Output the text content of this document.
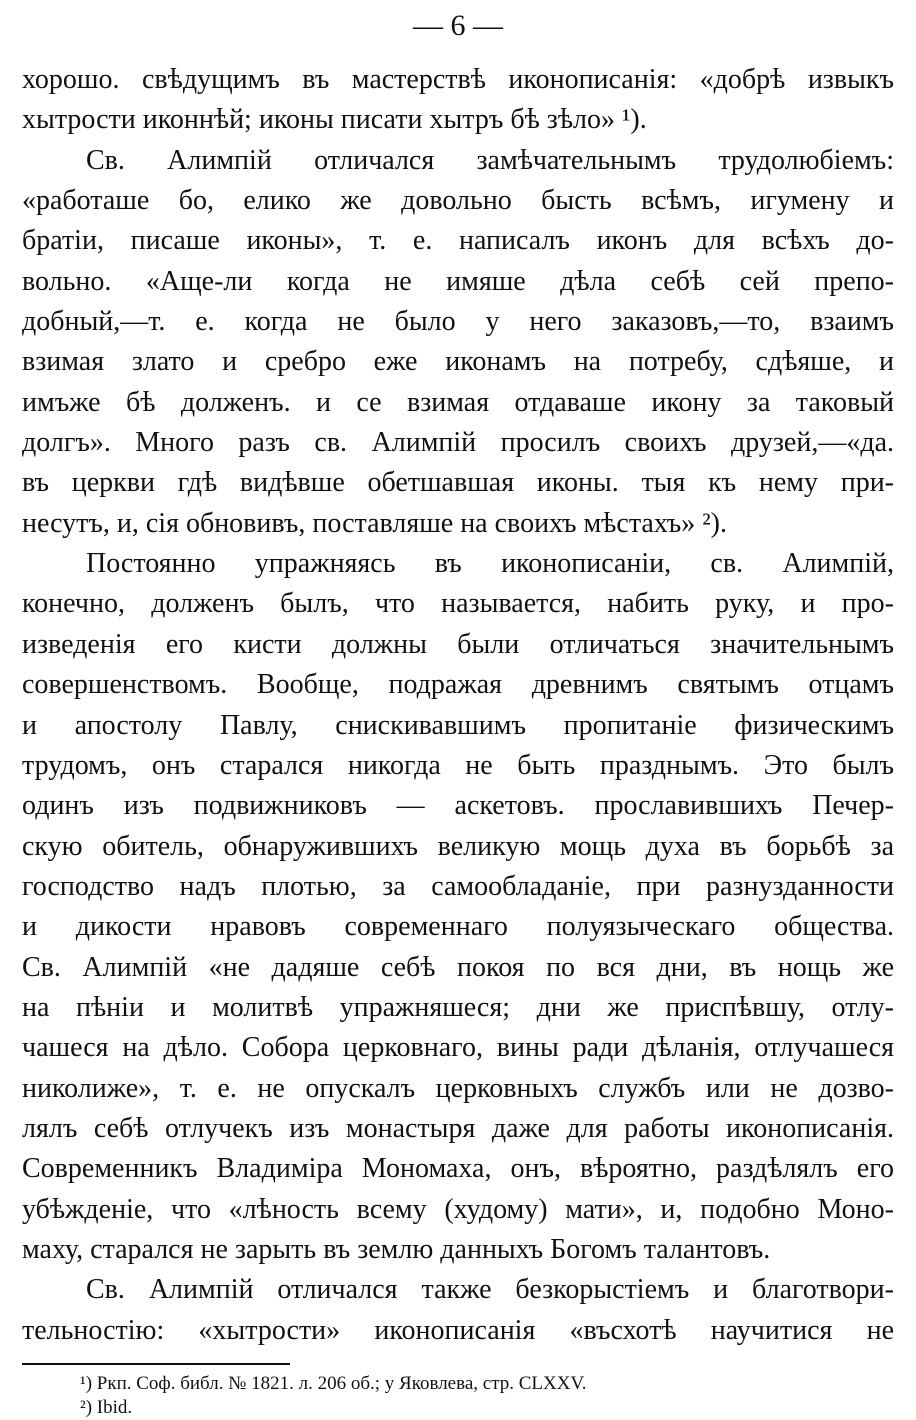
— 6 —
хорошо. свѣдущимъ въ мастерствѣ иконописанія: «добрѣ извыкъ
хытрости иконнѣй; иконы писати хытръ бѣ зѣло» ¹).
Св. Алимпій отличался замѣчательнымъ трудолюбіемъ:
«работаше бо, елико же довольно бысть всѣмъ, игумену и
братіи, писаше иконы», т. е. написалъ иконъ для всѣхъ до-
вольно. «Аще-ли когда не имяше дѣла себѣ сей препо-
добный,—т. е. когда не было у него заказовъ,—то, взаимъ
взимая злато и сребро еже иконамъ на потребу, сдѣяше, и
имъже бѣ долженъ. и се взимая отдаваше икону за таковый
долгъ». Много разъ св. Алимпій просилъ своихъ друзей,—«да.
въ церкви гдѣ видѣвше обетшавшая иконы. тыя къ нему при-
несутъ, и, сія обновивъ, поставляше на своихъ мѣстахъ» ²).
Постоянно упражняясь въ иконописаніи, св. Алимпій,
конечно, долженъ былъ, что называется, набить руку, и про-
изведенія его кисти должны были отличаться значительнымъ
совершенствомъ. Вообще, подражая древнимъ святымъ отцамъ
и апостолу Павлу, снискивавшимъ пропитаніе физическимъ
трудомъ, онъ старался никогда не быть празднымъ. Это былъ
одинъ изъ подвижниковъ — аскетовъ. прославившихъ Печер-
скую обитель, обнаружившихъ великую мощь духа въ борьбѣ за
господство надъ плотью, за самообладаніе, при разнузданности
и дикости нравовъ современнаго полуязыческаго общества.
Св. Алимпій «не дадяше себѣ покоя по вся дни, въ нощь же
на пѣніи и молитвѣ упражняшеся; дни же приспѣвшу, отлу-
чашеся на дѣло. Собора церковнаго, вины ради дѣланія, отлучашеся
николиже», т. е. не опускалъ церковныхъ службъ или не дозво-
лялъ себѣ отлучекъ изъ монастыря даже для работы иконописанія.
Современникъ Владиміра Мономаха, онъ, вѣроятно, раздѣлялъ его
убѣжденіе, что «лѣность всему (худому) мати», и, подобно Моно-
маху, старался не зарыть въ землю данныхъ Богомъ талантовъ.
Св. Алимпій отличался также безкорыстіемъ и благотвори-
тельностію: «хытрости» иконописанія «въсхотѣ научитися не
¹) Ркп. Соф. библ. № 1821. л. 206 об.; у Яковлева, стр. CLXXV.
²) Ibid.
